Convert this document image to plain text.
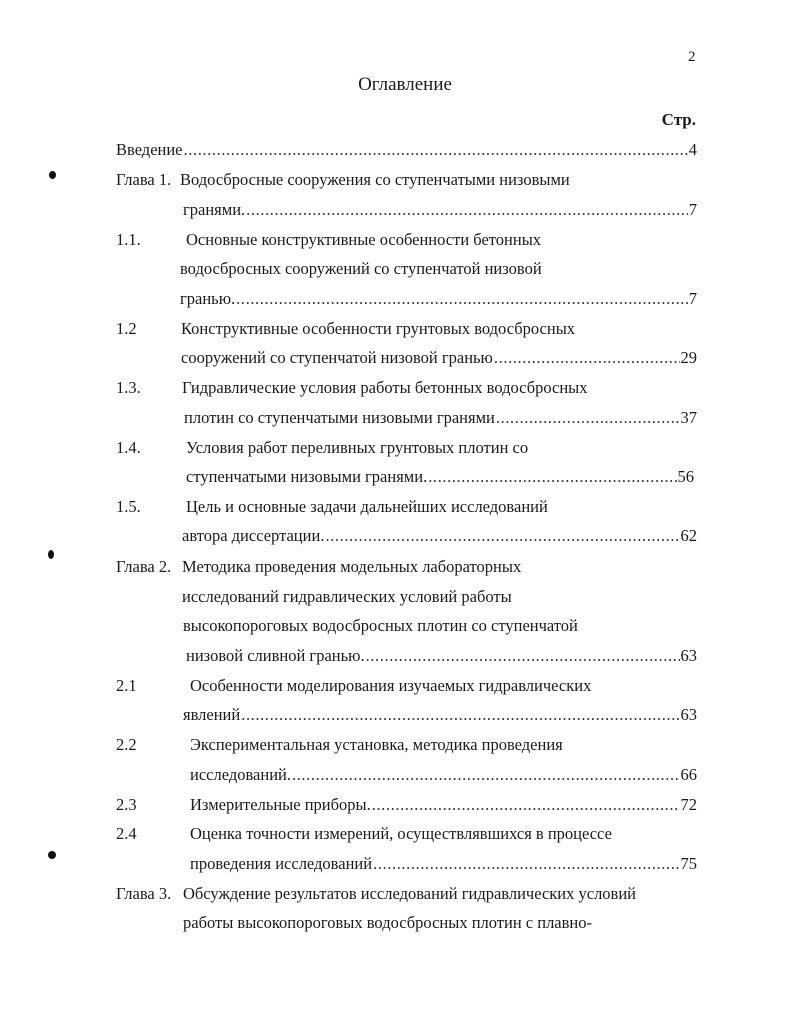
2
Оглавление
Стр.
Введение .....	4
Глава 1. Водосбросные сооружения со ступенчатыми низовыми
гранями. .....	7
1.1.	Основные конструктивные особенности бетонных
водосбросных сооружений со ступенчатой низовой
гранью. .....	7
1.2	Конструктивные особенности грунтовых водосбросных
сооружений со ступенчатой низовой гранью .....	29
1.3.	Гидравлические условия работы бетонных водосбросных
плотин со ступенчатыми низовыми гранями .....	37
1.4.	Условия работ переливных грунтовых плотин со
ступенчатыми низовыми гранями. .....	56
1.5.	Цель и основные задачи дальнейших исследований
автора диссертации. .....	62
Глава 2. Методика проведения модельных лабораторных
исследований гидравлических условий работы
высокопороговых водосбросных плотин со ступенчатой
низовой сливной гранью. .....	63
2.1	Особенности моделирования изучаемых гидравлических
явлений .....	63
2.2	Экспериментальная установка, методика проведения
исследований. .....	66
2.3	Измерительные приборы. .....	72
2.4	Оценка точности измерений, осуществлявшихся в процессе
проведения исследований .....	75
Глава 3. Обсуждение результатов исследований гидравлических условий
работы высокопороговых водосбросных плотин с плавно-
